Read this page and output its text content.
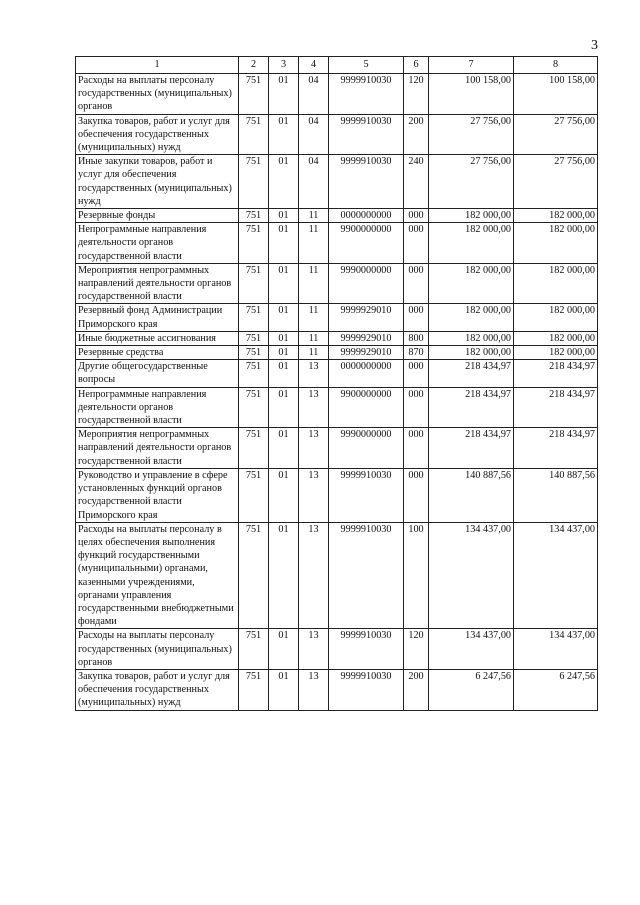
3
1	2	3	4	5	6	7	8
Расходы на выплаты персоналу государственных (муниципальных) органов	751	01	04	9999910030	120	100 158,00	100 158,00
Закупка товаров, работ и услуг для обеспечения государственных (муниципальных) нужд	751	01	04	9999910030	200	27 756,00	27 756,00
Иные закупки товаров, работ и услуг для обеспечения государственных (муниципальных) нужд	751	01	04	9999910030	240	27 756,00	27 756,00
Резервные фонды	751	01	11	0000000000	000	182 000,00	182 000,00
Непрограммные направления деятельности органов государственной власти	751	01	11	9900000000	000	182 000,00	182 000,00
Мероприятия непрограммных направлений деятельности органов государственной власти	751	01	11	9990000000	000	182 000,00	182 000,00
Резервный фонд Администрации Приморского края	751	01	11	9999929010	000	182 000,00	182 000,00
Иные бюджетные ассигнования	751	01	11	9999929010	800	182 000,00	182 000,00
Резервные средства	751	01	11	9999929010	870	182 000,00	182 000,00
Другие общегосударственные вопросы	751	01	13	0000000000	000	218 434,97	218 434,97
Непрограммные направления деятельности органов государственной власти	751	01	13	9900000000	000	218 434,97	218 434,97
Мероприятия непрограммных направлений деятельности органов государственной власти	751	01	13	9990000000	000	218 434,97	218 434,97
Руководство и управление в сфере установленных функций органов государственной власти Приморского края	751	01	13	9999910030	000	140 887,56	140 887,56
Расходы на выплаты персоналу в целях обеспечения выполнения функций государственными (муниципальными) органами, казенными учреждениями, органами управления государственными внебюджетными фондами	751	01	13	9999910030	100	134 437,00	134 437,00
Расходы на выплаты персоналу государственных (муниципальных) органов	751	01	13	9999910030	120	134 437,00	134 437,00
Закупка товаров, работ и услуг для обеспечения государственных (муниципальных) нужд	751	01	13	9999910030	200	6 247,56	6 247,56
